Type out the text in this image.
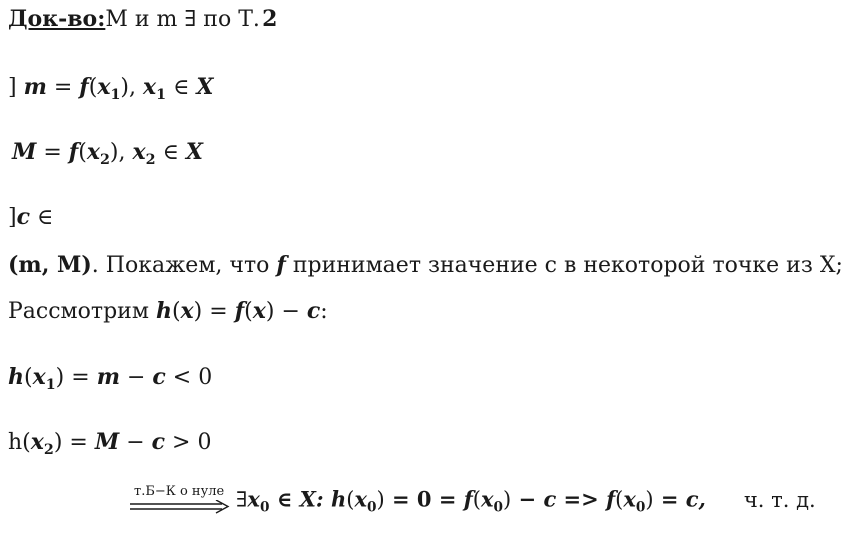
Док-во:M и m ∃ по Т.  2
] $m = f(x_1)$, $x_1$ ∈ X
$M = f(x_2)$, $x_2$ ∈ X
]c ∈
(m, M). Покажем, что f принимает значение с в некоторой точке из X;
Рассмотрим h(x) = f(x) − c:
$h(x_1) = m - c < 0$
$h(x_2) = M - c > 0$
т.Б−К о нуле $\exists x_0$ ∈ X: $h(x_0) = 0 = f(x_0) - c => f(x_0) = c$, ч. т. д.
